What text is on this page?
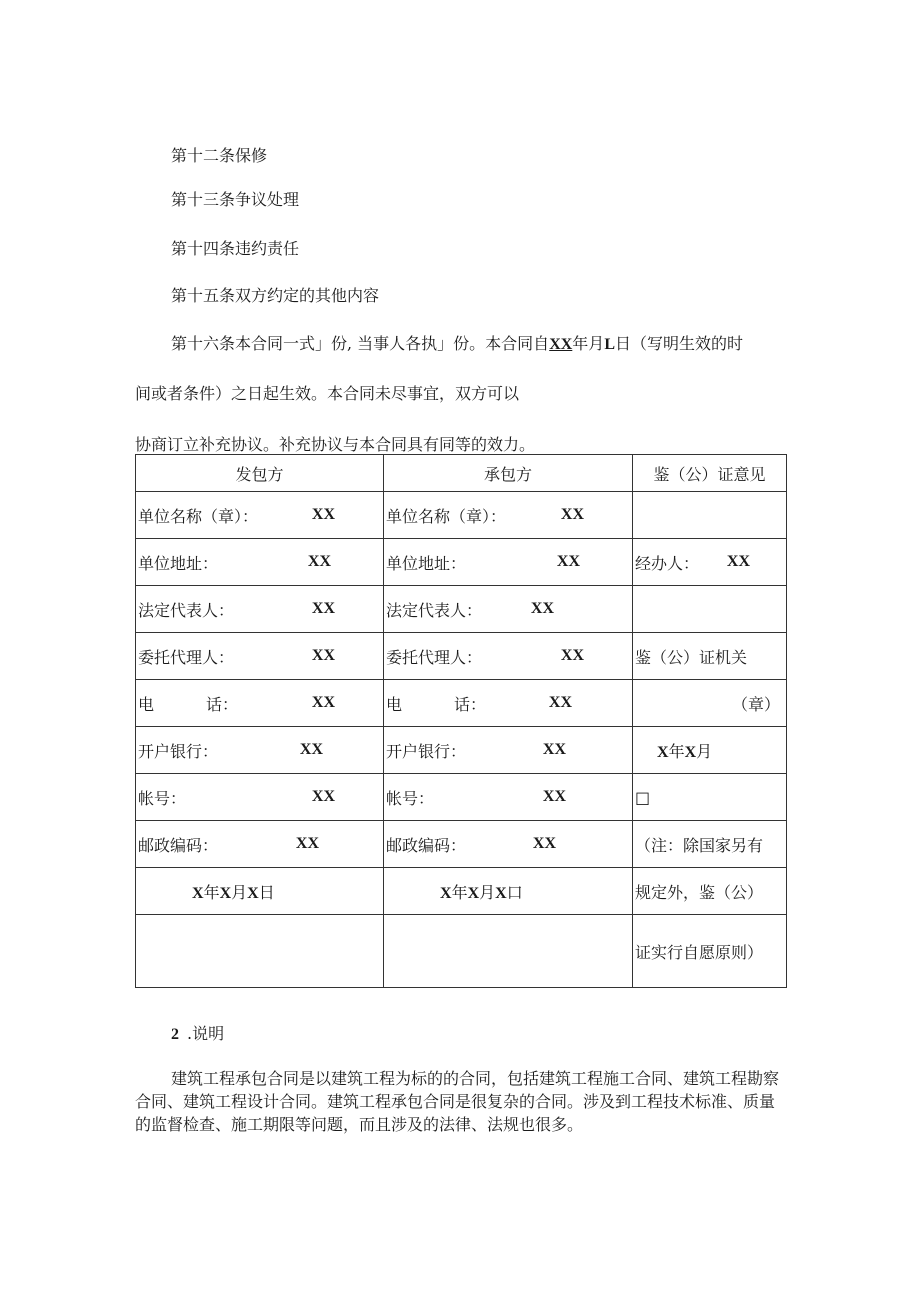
第十二条保修
第十三条争议处理
第十四条违约责任
第十五条双方约定的其他内容
第十六条本合同一式」份, 当事人各执」份。本合同自XX年月L日（写明生效的时
间或者条件）之日起生效。本合同未尽事宜，双方可以
协商订立补充协议。补充协议与本合同具有同等的效力。
发包方	承包方	鉴（公）证意见

单位名称（章）： XX	单位名称（章）： XX	

单位地址： XX	单位地址： XX	经办人： XX

法定代表人： XX	法定代表人： XX	

委托代理人： XX	委托代理人： XX	鉴（公）证机关

电 话： XX	电 话： XX	（章）

开户银行： XX	开户银行： XX	X年X月

帐号： XX	帐号： XX	□

邮政编码： XX	邮政编码： XX	（注：除国家另有
X年X月X日	X年X月X口	规定外，鉴（公）
		证实行自愿原则）
2 .说明
建筑工程承包合同是以建筑工程为标的的合同，包括建筑工程施工合同、建筑工程勘察合同、建筑工程设计合同。建筑工程承包合同是很复杂的合同。涉及到工程技术标准、质量的监督检查、施工期限等问题，而且涉及的法律、法规也很多。
